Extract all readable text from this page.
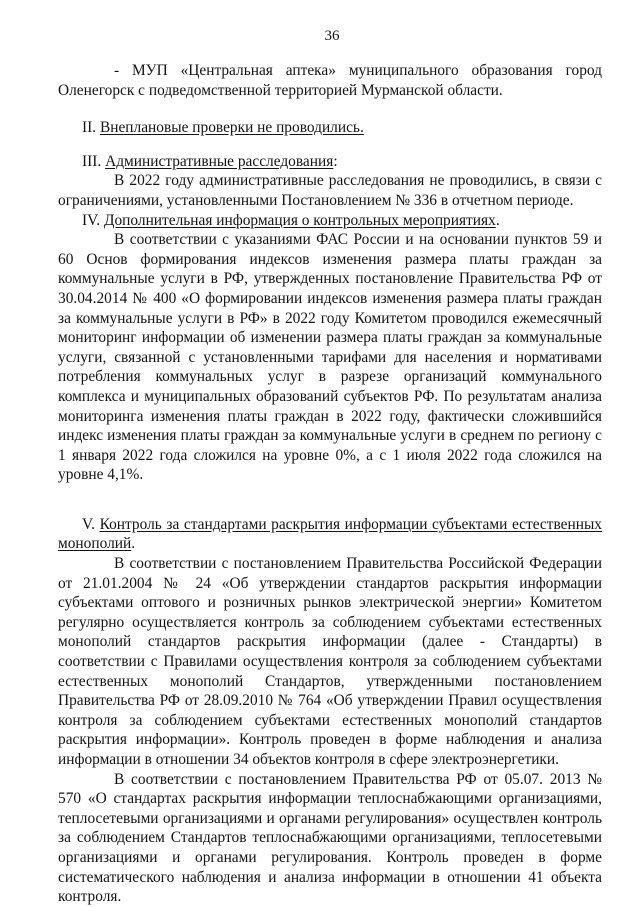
36

- МУП «Центральная аптека» муниципального образования город Оленегорск с подведомственной территорией Мурманской области.

II. Внеплановые проверки не проводились.

III. Административные расследования:

В 2022 году административные расследования не проводились, в связи с ограничениями, установленными Постановлением № 336 в отчетном периоде.

IV. Дополнительная информация о контрольных мероприятиях.

В соответствии с указаниями ФАС России и на основании пунктов 59 и 60 Основ формирования индексов изменения размера платы граждан за коммунальные услуги в РФ, утвержденных постановление Правительства РФ от 30.04.2014 № 400 «О формировании индексов изменения размера платы граждан за коммунальные услуги в РФ» в 2022 году Комитетом проводился ежемесячный мониторинг информации об изменении размера платы граждан за коммунальные услуги, связанной с установленными тарифами для населения и нормативами потребления коммунальных услуг в разрезе организаций коммунального комплекса и муниципальных образований субъектов РФ. По результатам анализа мониторинга изменения платы граждан в 2022 году, фактически сложившийся индекс изменения платы граждан за коммунальные услуги в среднем по региону с 1 января 2022 года сложился на уровне 0%, а с 1 июля 2022 года сложился на уровне 4,1%.

V. Контроль за стандартами раскрытия информации субъектами естественных монополий.

В соответствии с постановлением Правительства Российской Федерации от 21.01.2004 № 24 «Об утверждении стандартов раскрытия информации субъектами оптового и розничных рынков электрической энергии» Комитетом регулярно осуществляется контроль за соблюдением субъектами естественных монополий стандартов раскрытия информации (далее - Стандарты) в соответствии с Правилами осуществления контроля за соблюдением субъектами естественных монополий Стандартов, утвержденными постановлением Правительства РФ от 28.09.2010 № 764 «Об утверждении Правил осуществления контроля за соблюдением субъектами естественных монополий стандартов раскрытия информации». Контроль проведен в форме наблюдения и анализа информации в отношении 34 объектов контроля в сфере электроэнергетики.

В соответствии с постановлением Правительства РФ от 05.07. 2013 № 570 «О стандартах раскрытия информации теплоснабжающими организациями, теплосетевыми организациями и органами регулирования» осуществлен контроль за соблюдением Стандартов теплоснабжающими организациями, теплосетевыми организациями и органами регулирования. Контроль проведен в форме систематического наблюдения и анализа информации в отношении 41 объекта контроля.
